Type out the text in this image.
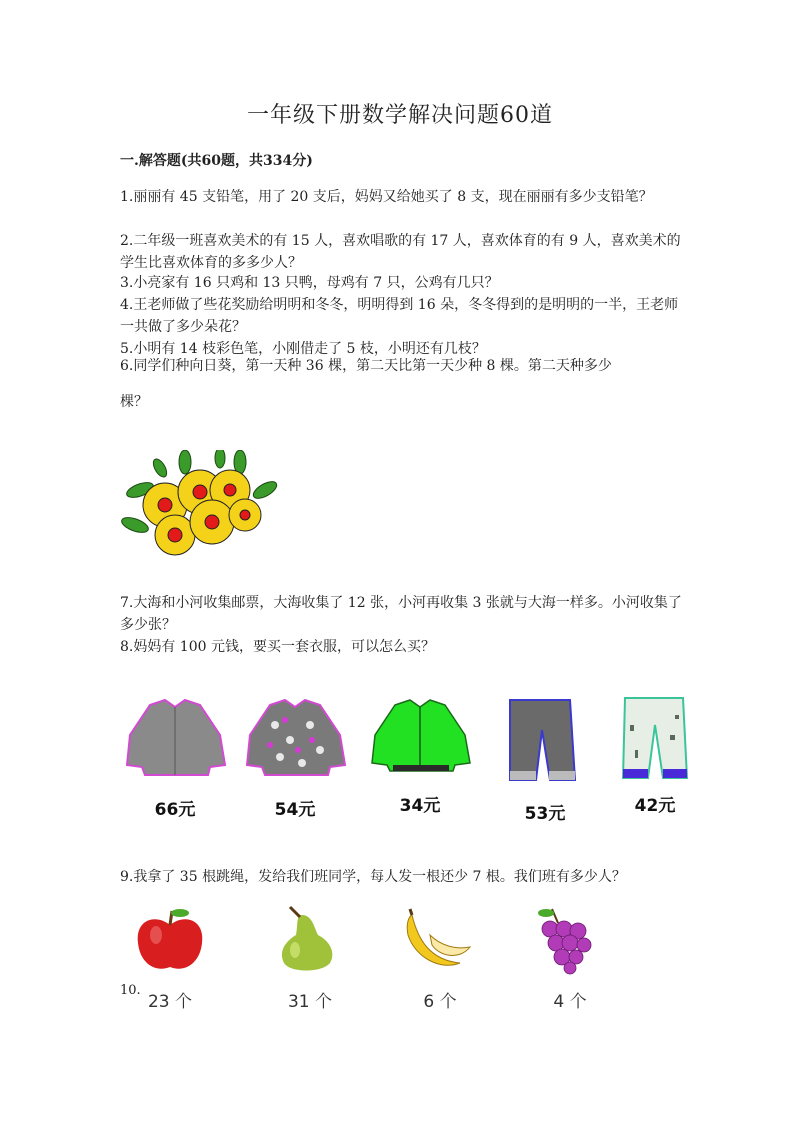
一年级下册数学解决问题60道
一.解答题(共60题，共334分)
1.丽丽有 45 支铅笔，用了 20 支后，妈妈又给她买了 8 支，现在丽丽有多少支铅笔？
2.二年级一班喜欢美术的有 15 人，喜欢唱歌的有 17 人，喜欢体育的有 9 人，喜欢美术的学生比喜欢体育的多多少人？
3.小亮家有 16 只鸡和 13 只鸭，母鸡有 7 只，公鸡有几只？
4.王老师做了些花奖励给明明和冬冬，明明得到 16 朵，冬冬得到的是明明的一半，王老师一共做了多少朵花？
5.小明有 14 枝彩色笔，小刚借走了 5 枝，小明还有几枝？
6.同学们种向日葵，第一天种 36 棵，第二天比第一天少种 8 棵。第二天种多少
棵？
7.大海和小河收集邮票，大海收集了 12 张，小河再收集 3 张就与大海一样多。小河收集了多少张？
8.妈妈有 100 元钱，要买一套衣服，可以怎么买？
66元	54元	34元	53元	42元
9.我拿了 35 根跳绳，发给我们班同学，每人发一根还少 7 根。我们班有多少人？
23 个	31 个	6 个	4 个
10.
